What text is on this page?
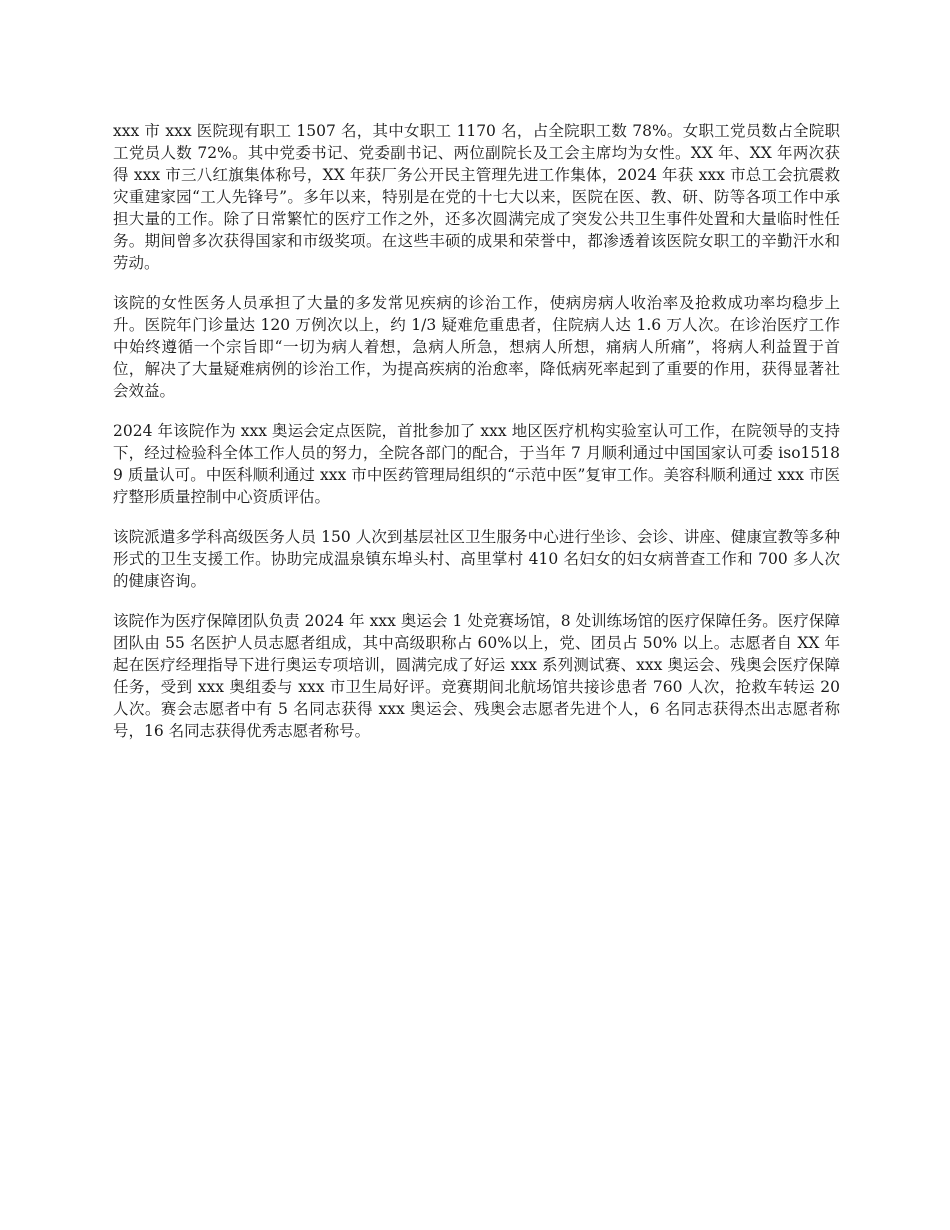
xxx 市 xxx 医院现有职工 1507 名，其中女职工 1170 名，占全院职工数 78%。女职工党员数占全院职工党员人数 72%。其中党委书记、党委副书记、两位副院长及工会主席均为女性。XX 年、XX 年两次获得 xxx 市三八红旗集体称号，XX 年获厂务公开民主管理先进工作集体，2024 年获 xxx 市总工会抗震救灾重建家园“工人先锋号”。多年以来，特别是在党的十七大以来，医院在医、教、研、防等各项工作中承担大量的工作。除了日常繁忙的医疗工作之外，还多次圆满完成了突发公共卫生事件处置和大量临时性任务。期间曾多次获得国家和市级奖项。在这些丰硕的成果和荣誉中，都渗透着该医院女职工的辛勤汗水和劳动。

该院的女性医务人员承担了大量的多发常见疾病的诊治工作，使病房病人收治率及抢救成功率均稳步上升。医院年门诊量达 120 万例次以上，约 1/3 疑难危重患者，住院病人达 1.6 万人次。在诊治医疗工作中始终遵循一个宗旨即“一切为病人着想，急病人所急，想病人所想，痛病人所痛”，将病人利益置于首位，解决了大量疑难病例的诊治工作，为提高疾病的治愈率，降低病死率起到了重要的作用，获得显著社会效益。

2024 年该院作为 xxx 奥运会定点医院，首批参加了 xxx 地区医疗机构实验室认可工作，在院领导的支持下，经过检验科全体工作人员的努力，全院各部门的配合，于当年 7 月顺利通过中国国家认可委 iso15189 质量认可。中医科顺利通过 xxx 市中医药管理局组织的“示范中医”复审工作。美容科顺利通过 xxx 市医疗整形质量控制中心资质评估。

该院派遣多学科高级医务人员 150 人次到基层社区卫生服务中心进行坐诊、会诊、讲座、健康宣教等多种形式的卫生支援工作。协助完成温泉镇东埠头村、高里掌村 410 名妇女的妇女病普查工作和 700 多人次的健康咨询。

该院作为医疗保障团队负责 2024 年 xxx 奥运会 1 处竞赛场馆，8 处训练场馆的医疗保障任务。医疗保障团队由 55 名医护人员志愿者组成，其中高级职称占 60%以上，党、团员占 50% 以上。志愿者自 XX 年起在医疗经理指导下进行奥运专项培训，圆满完成了好运 xxx 系列测试赛、xxx 奥运会、残奥会医疗保障任务，受到 xxx 奥组委与 xxx 市卫生局好评。竞赛期间北航场馆共接诊患者 760 人次，抢救车转运 20 人次。赛会志愿者中有 5 名同志获得 xxx 奥运会、残奥会志愿者先进个人，6 名同志获得杰出志愿者称号，16 名同志获得优秀志愿者称号。
